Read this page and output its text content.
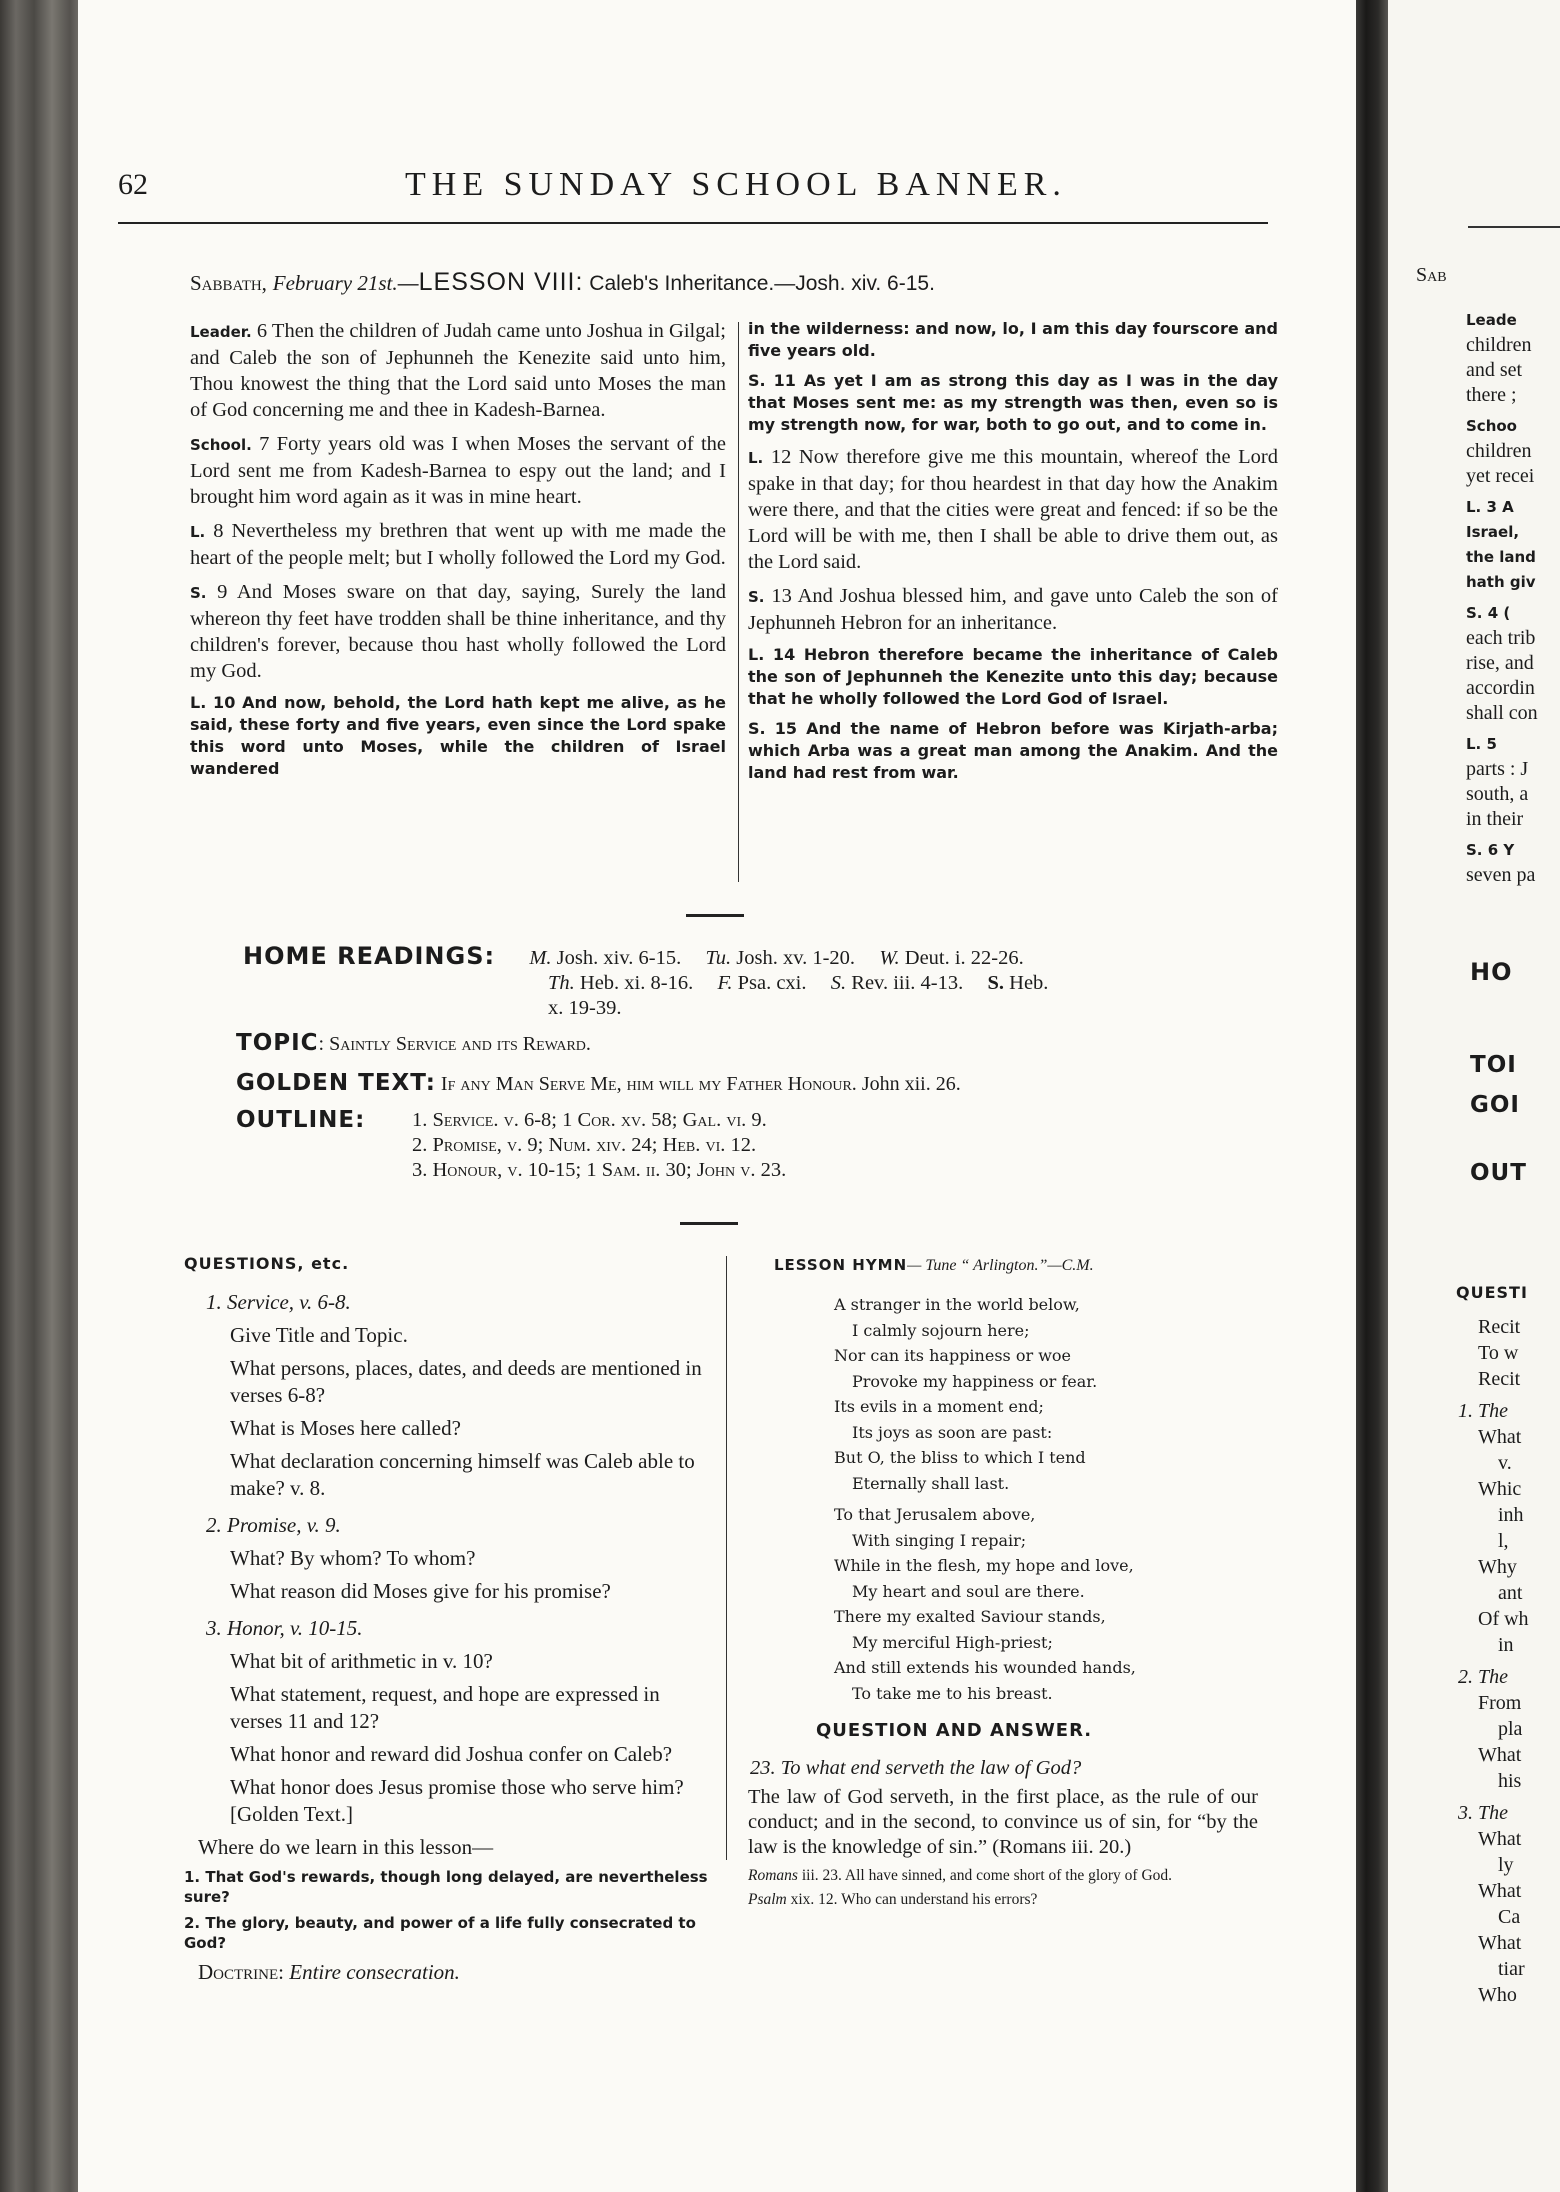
62	THE SUNDAY SCHOOL BANNER.
Sabbath, February 21st.—LESSON VIII: Caleb's Inheritance.—Josh. xiv. 6-15.

Leader. 6 Then the children of Judah came unto Joshua in Gilgal; and Caleb the son of Jephunneh the Kenezite said unto him, Thou knowest the thing that the Lord said unto Moses the man of God concerning me and thee in Kadesh-Barnea.

School. 7 Forty years old was I when Moses the servant of the Lord sent me from Kadesh-Barnea to espy out the land; and I brought him word again as it was in mine heart.

L. 8 Nevertheless my brethren that went up with me made the heart of the people melt; but I wholly followed the Lord my God.

S. 9 And Moses sware on that day, saying, Surely the land whereon thy feet have trodden shall be thine inheritance, and thy children's forever, because thou hast wholly followed the Lord my God.

L. 10 And now, behold, the Lord hath kept me alive, as he said, these forty and five years, even since the Lord spake this word unto Moses, while the children of Israel wandered

in the wilderness: and now, lo, I am this day fourscore and five years old.

S. 11 As yet I am as strong this day as I was in the day that Moses sent me: as my strength was then, even so is my strength now, for war, both to go out, and to come in.

L. 12 Now therefore give me this mountain, whereof the Lord spake in that day; for thou heardest in that day how the Anakim were there, and that the cities were great and fenced: if so be the Lord will be with me, then I shall be able to drive them out, as the Lord said.

S. 13 And Joshua blessed him, and gave unto Caleb the son of Jephunneh Hebron for an inheritance.

L. 14 Hebron therefore became the inheritance of Caleb the son of Jephunneh the Kenezite unto this day; because that he wholly followed the Lord God of Israel.

S. 15 And the name of Hebron before was Kirjath-arba; which Arba was a great man among the Anakim. And the land had rest from war.

HOME READINGS: M. Josh. xiv. 6-15. Tu. Josh. xv. 1-20. W. Deut. i. 22-26.
Th. Heb. xi. 8-16. F. Psa. cxi. S. Rev. iii. 4-13. S. Heb.
x. 19-39.
TOPIC: Saintly Service and its Reward.
GOLDEN TEXT: If any Man Serve Me, him will my Father Honour. John xii. 26.
OUTLINE: 1. Service. v. 6-8; 1 Cor. xv. 58; Gal. vi. 9.
2. Promise, v. 9; Num. xiv. 24; Heb. vi. 12.
3. Honour, v. 10-15; 1 Sam. ii. 30; John v. 23.
QUESTIONS, etc.
1. Service, v. 6-8.
Give Title and Topic.
What persons, places, dates, and deeds are mentioned in verses 6-8?
What is Moses here called?
What declaration concerning himself was Caleb able to make? v. 8.
2. Promise, v. 9.
What? By whom? To whom?
What reason did Moses give for his promise?
3. Honor, v. 10-15.
What bit of arithmetic in v. 10?
What statement, request, and hope are expressed in verses 11 and 12?
What honor and reward did Joshua confer on Caleb?
What honor does Jesus promise those who serve him? [Golden Text.]
Where do we learn in this lesson—
1. That God's rewards, though long delayed, are nevertheless sure?
2. The glory, beauty, and power of a life fully consecrated to God?
Doctrine: Entire consecration.
LESSON HYMN— Tune “ Arlington.”—C.M.
A stranger in the world below,
I calmly sojourn here;
Nor can its happiness or woe
Provoke my happiness or fear.
Its evils in a moment end;
Its joys as soon are past:
But O, the bliss to which I tend
Eternally shall last.
To that Jerusalem above,
With singing I repair;
While in the flesh, my hope and love,
My heart and soul are there.
There my exalted Saviour stands,
My merciful High-priest;
And still extends his wounded hands,
To take me to his breast.
QUESTION AND ANSWER.
23. To what end serveth the law of God?
The law of God serveth, in the first place, as the rule of our conduct; and in the second, to convince us of sin, for “by the law is the knowledge of sin.” (Romans iii. 20.)
Romans iii. 23. All have sinned, and come short of the glory of God.
Psalm xix. 12. Who can understand his errors?
Sab
Leade
children
and set
there ;
Schoo
children
yet recei
L. 3 A
Israel,
the land
hath giv
S. 4 (
each trib
rise, and
accordin
shall con
L. 5
parts : J
south, a
in their
S. 6 Y
seven pa
HO
TOI
GOI
OUT
QUESTI
Recit
To w
Recit
1. The
What
v.
Whic
inh
l,
Why
ant
Of wh
in
2. The
From
pla
What
his
3. The
What
ly
What
Ca
What
tiar
Who
